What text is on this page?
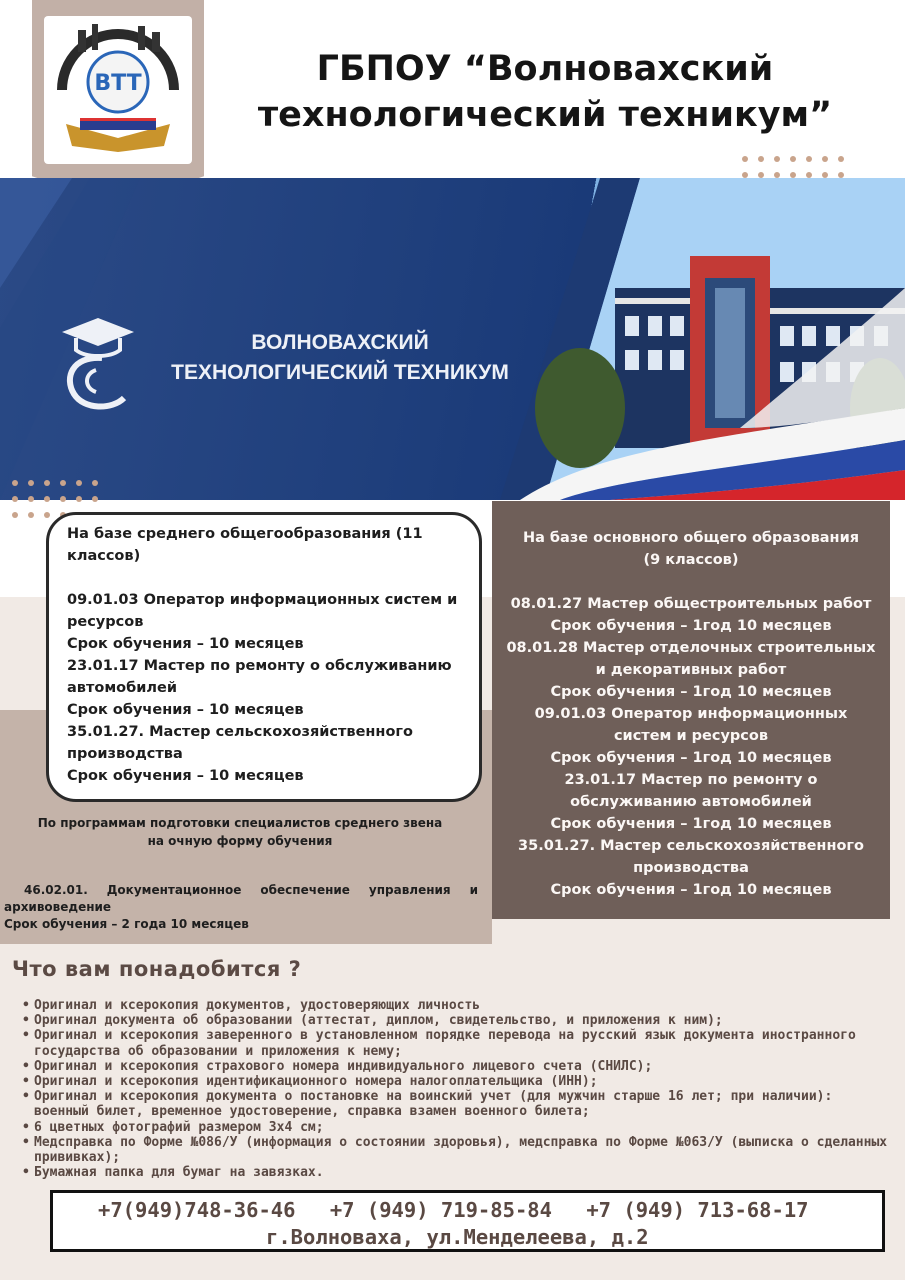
BTT	ГБПОУ “Волновахский
технологический техникум”
ВОЛНОВАХСКИЙ
ТЕХНОЛОГИЧЕСКИЙ ТЕХНИКУМ

На базе основного общего образования

(9 классов)

08.01.27 Мастер общестроительных работ

Срок обучения – 1год 10 месяцев

08.01.28 Мастер отделочных строительных

и декоративных работ

Срок обучения – 1год 10 месяцев

09.01.03 Оператор информационных

систем и ресурсов

Срок обучения – 1год 10 месяцев

23.01.17 Мастер по ремонту о

обслуживанию автомобилей

Срок обучения – 1год 10 месяцев

35.01.27. Мастер сельскохозяйственного

производства

Срок обучения – 1год 10 месяцев

На базе среднего общегообразования (11 классов)

09.01.03 Оператор информационных систем и ресурсов

Срок обучения – 10 месяцев

23.01.17 Мастер по ремонту о обслуживанию автомобилей

Срок обучения – 10 месяцев

35.01.27. Мастер сельскохозяйственного производства

Срок обучения – 10 месяцев

По программам подготовки специалистов среднего звена
на очную форму обучения
46.02.01. Документационное обеспечение управления и
архивоведение
Срок обучения – 2 года 10 месяцев
Что вам понадобится ?
• Оригинал и ксерокопия документов, удостоверяющих личность
• Оригинал документа об образовании (аттестат, диплом, свидетельство, и приложения к ним);
• Оригинал и ксерокопия заверенного в установленном порядке перевода на русский язык документа иностранного государства об образовании и приложения к нему;
• Оригинал и ксерокопия страхового номера индивидуального лицевого счета (СНИЛС);
• Оригинал и ксерокопия идентификационного номера налогоплательщика (ИНН);
• Оригинал и ксерокопия документа о постановке на воинский учет (для мужчин старше 16 лет; при наличии): военный билет, временное удостоверение, справка взамен военного билета;
• 6 цветных фотографий размером 3х4 см;
• Медсправка по Форме №086/У (информация о состоянии здоровья), медсправка по Форме №063/У (выписка о сделанных прививках);
• Бумажная папка для бумаг на завязках.
+7(949)748-36-46 +7 (949) 719-85-84 +7 (949) 713-68-17
г.Волноваха, ул.Менделеева, д.2
